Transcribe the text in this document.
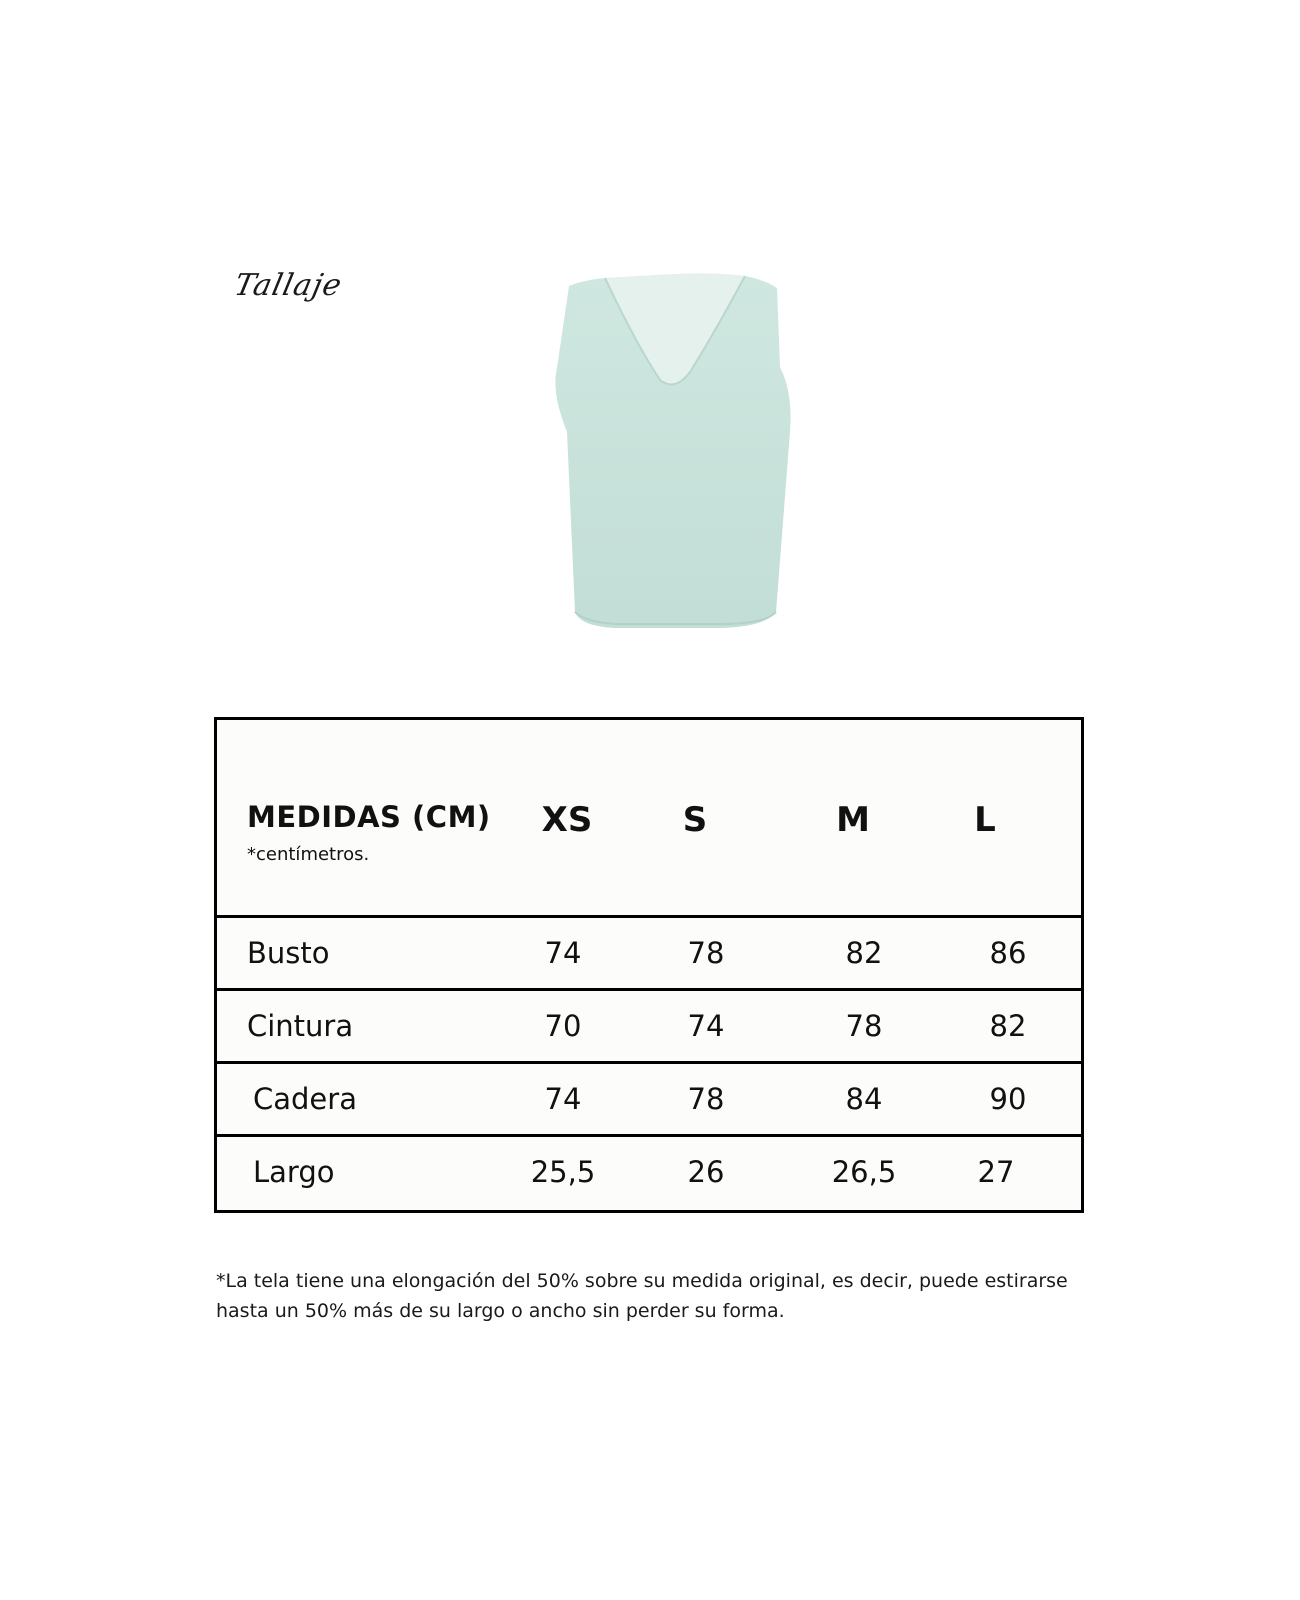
Tallaje
MEDIDAS (CM)
*centímetros.
XS	S	M	L
Busto	74	78	82	86
Cintura	70	74	78	82
Cadera	74	78	84	90
Largo	25,5	26	26,5	27
*La tela tiene una elongación del 50% sobre su medida original, es decir, puede estirarse
hasta un 50% más de su largo o ancho sin perder su forma.
